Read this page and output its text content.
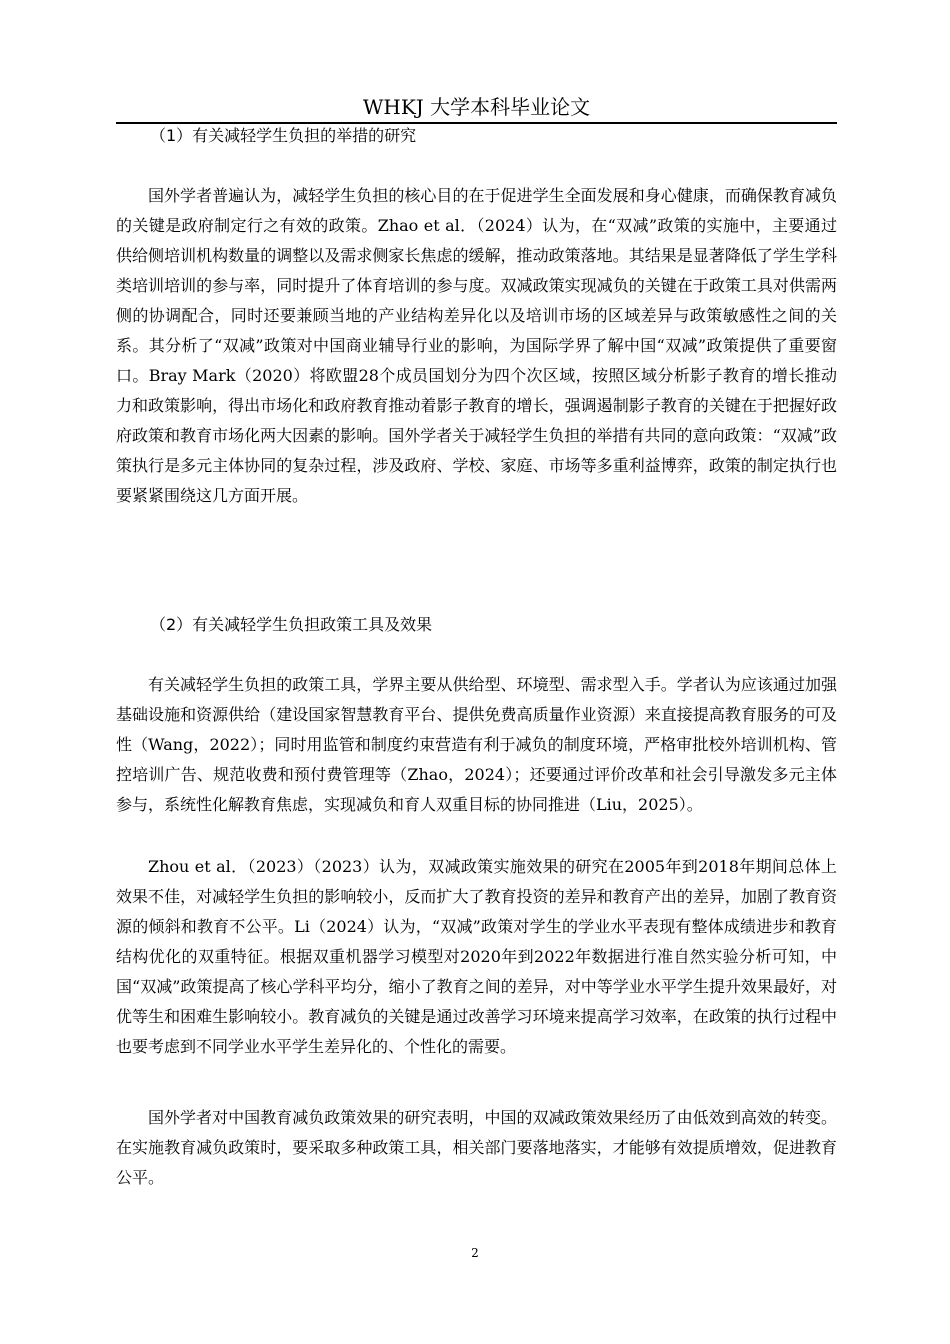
WHKJ 大学本科毕业论文
（1）有关减轻学生负担的举措的研究

国外学者普遍认为，减轻学生负担的核心目的在于促进学生全面发展和身心健康，而确保教育减负的关键是政府制定行之有效的政策。Zhao et al．（2024）认为，在“双减”政策的实施中，主要通过供给侧培训机构数量的调整以及需求侧家长焦虑的缓解，推动政策落地。其结果是显著降低了学生学科类培训培训的参与率，同时提升了体育培训的参与度。双减政策实现减负的关键在于政策工具对供需两侧的协调配合，同时还要兼顾当地的产业结构差异化以及培训市场的区域差异与政策敏感性之间的关系。其分析了“双减”政策对中国商业辅导行业的影响，为国际学界了解中国“双减”政策提供了重要窗口。Bray Mark（2020）将欧盟28个成员国划分为四个次区域，按照区域分析影子教育的增长推动力和政策影响，得出市场化和政府教育推动着影子教育的增长，强调遏制影子教育的关键在于把握好政府政策和教育市场化两大因素的影响。国外学者关于减轻学生负担的举措有共同的意向政策：“双减”政策执行是多元主体协同的复杂过程，涉及政府、学校、家庭、市场等多重利益博弈，政策的制定执行也要紧紧围绕这几方面开展。

（2）有关减轻学生负担政策工具及效果

有关减轻学生负担的政策工具，学界主要从供给型、环境型、需求型入手。学者认为应该通过加强基础设施和资源供给（建设国家智慧教育平台、提供免费高质量作业资源）来直接提高教育服务的可及性（Wang，2022）；同时用监管和制度约束营造有利于减负的制度环境，严格审批校外培训机构、管控培训广告、规范收费和预付费管理等（Zhao，2024）；还要通过评价改革和社会引导激发多元主体参与，系统性化解教育焦虑，实现减负和育人双重目标的协同推进（Liu，2025）。

Zhou et al．（2023）（2023）认为，双减政策实施效果的研究在2005年到2018年期间总体上效果不佳，对减轻学生负担的影响较小，反而扩大了教育投资的差异和教育产出的差异，加剧了教育资源的倾斜和教育不公平。Li（2024）认为，“双减”政策对学生的学业水平表现有整体成绩进步和教育结构优化的双重特征。根据双重机器学习模型对2020年到2022年数据进行准自然实验分析可知，中国“双减”政策提高了核心学科平均分，缩小了教育之间的差异，对中等学业水平学生提升效果最好，对优等生和困难生影响较小。教育减负的关键是通过改善学习环境来提高学习效率，在政策的执行过程中也要考虑到不同学业水平学生差异化的、个性化的需要。

国外学者对中国教育减负政策效果的研究表明，中国的双减政策效果经历了由低效到高效的转变。在实施教育减负政策时，要采取多种政策工具，相关部门要落地落实，才能够有效提质增效，促进教育公平。

2
